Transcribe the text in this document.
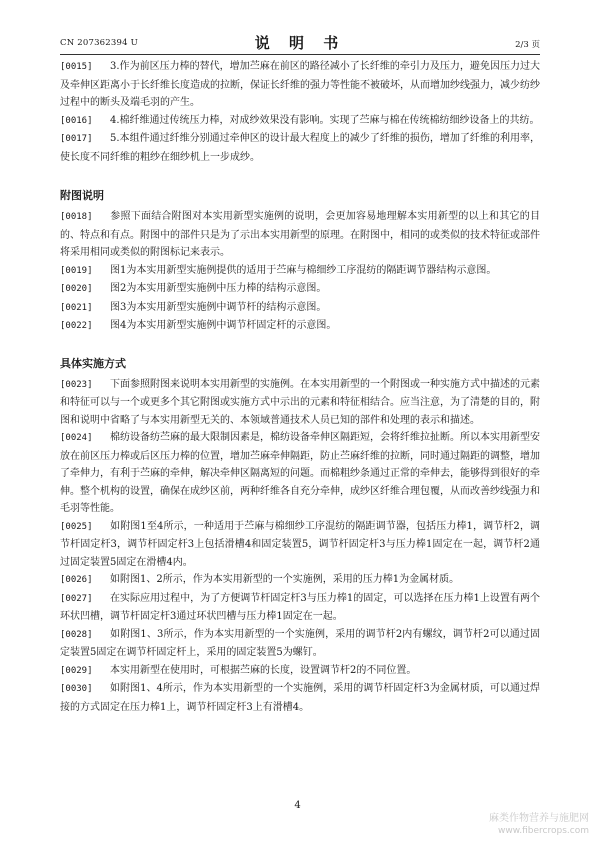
CN 207362394 U	说 明 书	2/3 页

[0015] 3.作为前区压力棒的替代，增加苎麻在前区的路径减小了长纤维的牵引力及压力，避免因压力过大及牵伸区距离小于长纤维长度造成的拉断，保证长纤维的强力等性能不被破坏，从而增加纱线强力，减少纺纱过程中的断头及端毛羽的产生。

[0016] 4.棉纤维通过传统压力棒，对成纱效果没有影响。实现了苎麻与棉在传统棉纺细纱设备上的共纺。

[0017] 5.本组件通过纤维分别通过牵伸区的设计最大程度上的减少了纤维的损伤，增加了纤维的利用率，使长度不同纤维的粗纱在细纱机上一步成纱。

附图说明

[0018] 参照下面结合附图对本实用新型实施例的说明，会更加容易地理解本实用新型的以上和其它的目的、特点和有点。附图中的部件只是为了示出本实用新型的原理。在附图中，相同的或类似的技术特征或部件将采用相同或类似的附图标记来表示。

[0019] 图1为本实用新型实施例提供的适用于苎麻与棉细纱工序混纺的隔距调节器结构示意图。

[0020] 图2为本实用新型实施例中压力棒的结构示意图。

[0021] 图3为本实用新型实施例中调节杆的结构示意图。

[0022] 图4为本实用新型实施例中调节杆固定杆的示意图。

具体实施方式

[0023] 下面参照附图来说明本实用新型的实施例。在本实用新型的一个附图或一种实施方式中描述的元素和特征可以与一个或更多个其它附图或实施方式中示出的元素和特征相结合。应当注意，为了清楚的目的，附图和说明中省略了与本实用新型无关的、本领域普通技术人员已知的部件和处理的表示和描述。

[0024] 棉纺设备纺苎麻的最大限制因素是，棉纺设备牵伸区隔距短，会将纤维拉扯断。所以本实用新型安放在前区压力棒或后区压力棒的位置，增加苎麻牵伸隔距，防止苎麻纤维的拉断，同时通过隔距的调整，增加了牵伸力，有利于苎麻的牵伸，解决牵伸区隔离短的问题。而棉粗纱条通过正常的牵伸去，能够得到很好的牵伸。整个机构的设置，确保在成纱区前，两种纤维各自充分牵伸，成纱区纤维合理包覆，从而改善纱线强力和毛羽等性能。

[0025] 如附图1至4所示，一种适用于苎麻与棉细纱工序混纺的隔距调节器，包括压力棒1，调节杆2，调节杆固定杆3，调节杆固定杆3上包括滑槽4和固定装置5，调节杆固定杆3与压力棒1固定在一起，调节杆2通过固定装置5固定在滑槽4内。

[0026] 如附图1、2所示，作为本实用新型的一个实施例，采用的压力棒1为金属材质。

[0027] 在实际应用过程中，为了方便调节杆固定杆3与压力棒1的固定，可以选择在压力棒1上设置有两个环状凹槽，调节杆固定杆3通过环状凹槽与压力棒1固定在一起。

[0028] 如附图1、3所示，作为本实用新型的一个实施例，采用的调节杆2内有螺纹，调节杆2可以通过固定装置5固定在调节杆固定杆上，采用的固定装置5为螺钉。

[0029] 本实用新型在使用时，可根据苎麻的长度，设置调节杆2的不同位置。

[0030] 如附图1、4所示，作为本实用新型的一个实施例，采用的调节杆固定杆3为金属材质，可以通过焊接的方式固定在压力棒1上，调节杆固定杆3上有滑槽4。

4
麻类作物营养与施肥网
www.fibercrops.com
